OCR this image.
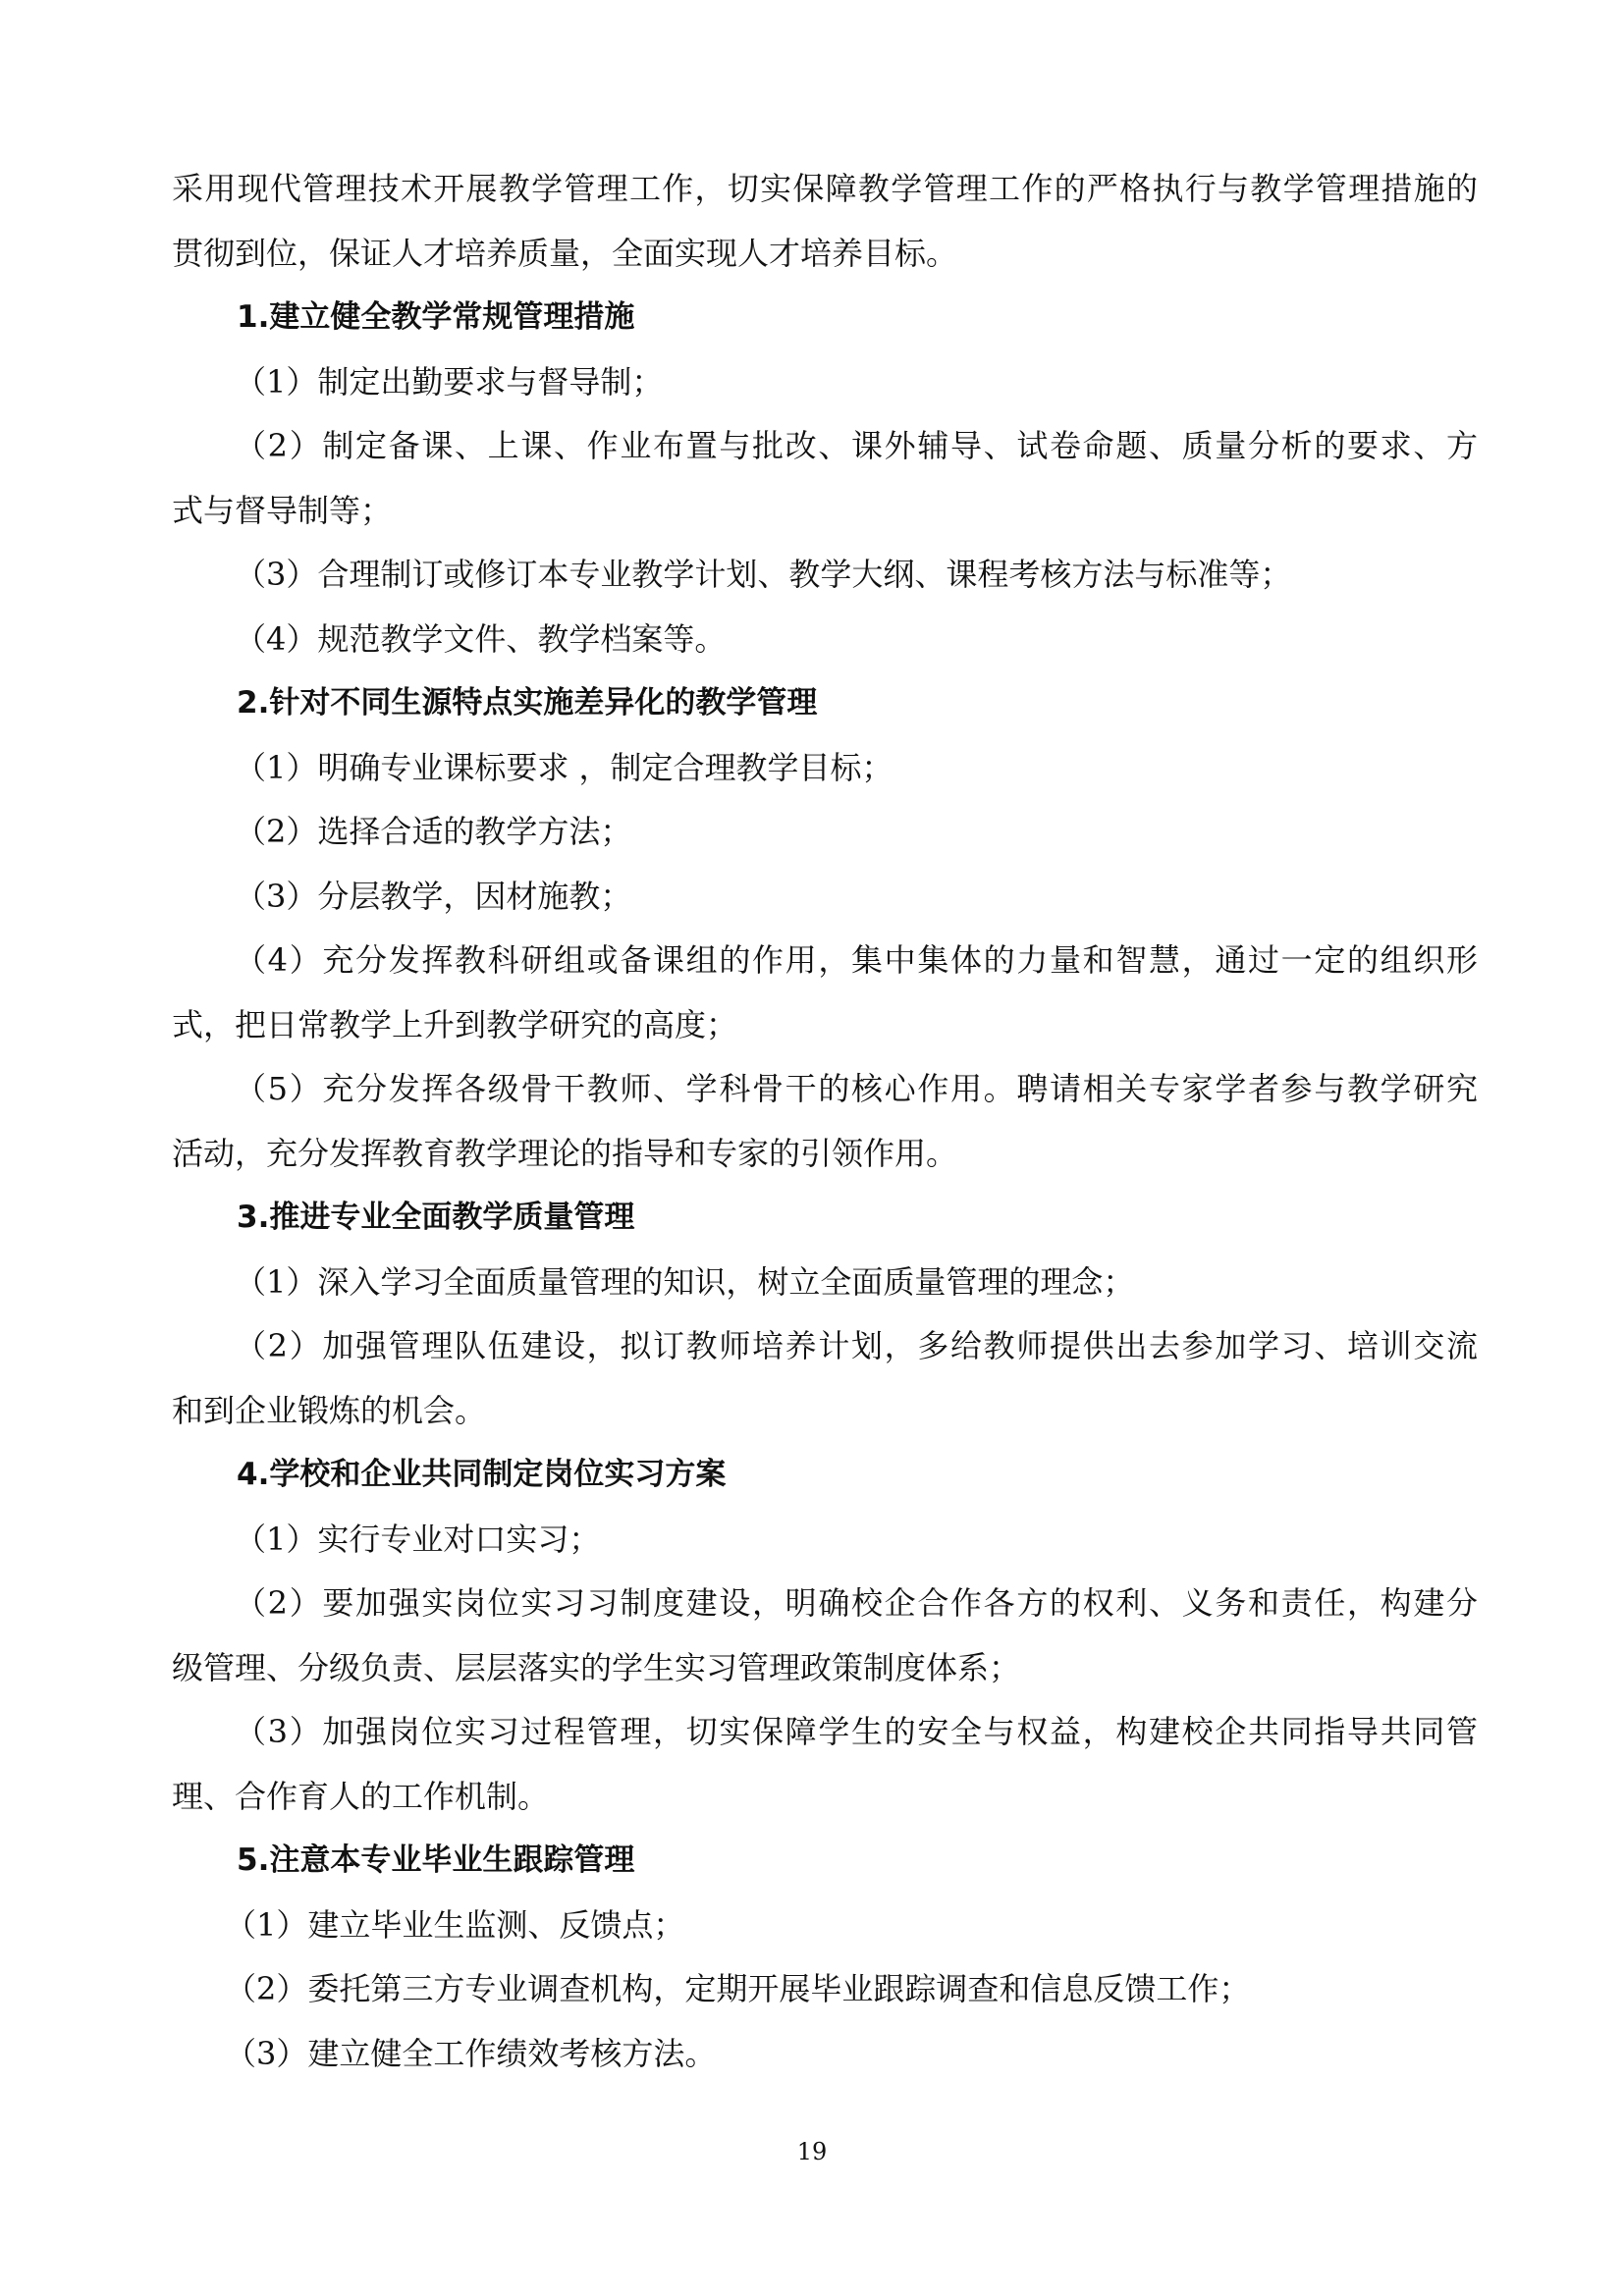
采用现代管理技术开展教学管理工作，切实保障教学管理工作的严格执行与教学管理措施的
贯彻到位，保证人才培养质量，全面实现人才培养目标。
1.建立健全教学常规管理措施
（1）制定出勤要求与督导制；
（2）制定备课、上课、作业布置与批改、课外辅导、试卷命题、质量分析的要求、方
式与督导制等；
（3）合理制订或修订本专业教学计划、教学大纲、课程考核方法与标准等；
（4）规范教学文件、教学档案等。
2.针对不同生源特点实施差异化的教学管理
（1）明确专业课标要求 ，制定合理教学目标；
（2）选择合适的教学方法；
（3）分层教学，因材施教；
（4）充分发挥教科研组或备课组的作用，集中集体的力量和智慧，通过一定的组织形
式，把日常教学上升到教学研究的高度；
（5）充分发挥各级骨干教师、学科骨干的核心作用。聘请相关专家学者参与教学研究
活动，充分发挥教育教学理论的指导和专家的引领作用。
3.推进专业全面教学质量管理
（1）深入学习全面质量管理的知识，树立全面质量管理的理念；
（2）加强管理队伍建设，拟订教师培养计划，多给教师提供出去参加学习、培训交流
和到企业锻炼的机会。
4.学校和企业共同制定岗位实习方案
（1）实行专业对口实习；
（2）要加强实岗位实习习制度建设，明确校企合作各方的权利、义务和责任，构建分
级管理、分级负责、层层落实的学生实习管理政策制度体系；
（3）加强岗位实习过程管理，切实保障学生的安全与权益，构建校企共同指导共同管
理、合作育人的工作机制。
5.注意本专业毕业生跟踪管理
（1）建立毕业生监测、反馈点；
（2）委托第三方专业调查机构，定期开展毕业跟踪调查和信息反馈工作；
（3）建立健全工作绩效考核方法。
19
